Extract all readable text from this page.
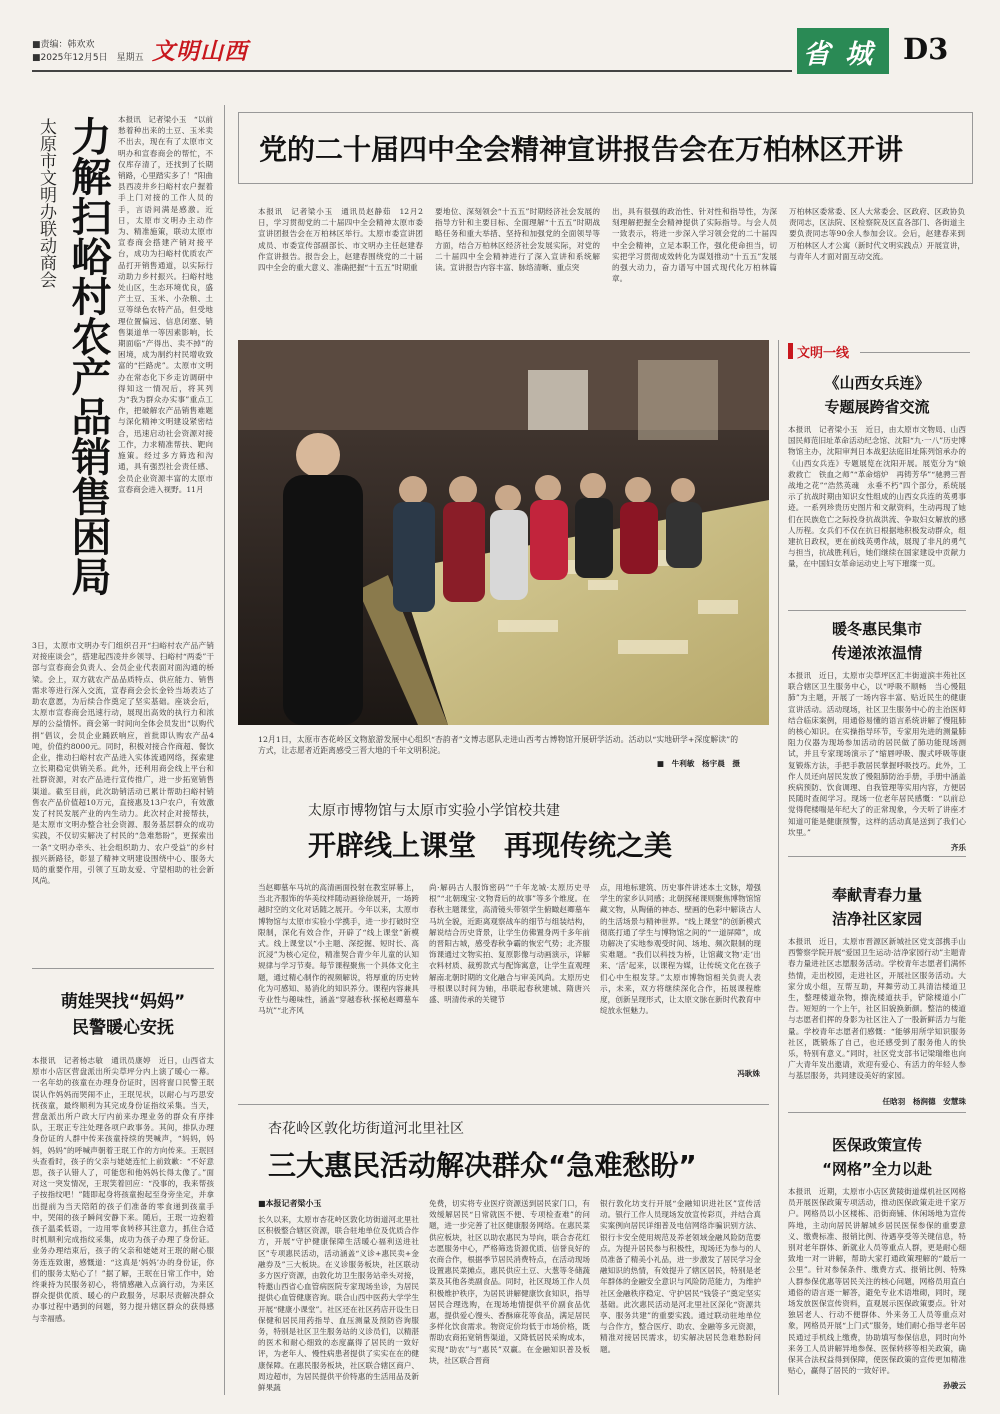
■责编：韩欢欢
■2025年12月5日　星期五 文明山西	省 城 D3
党的二十届四中全会精神宣讲报告会在万柏林区开讲
本报讯　记者梁小玉　通讯员赵静茹　12月2日，学习贯彻党的二十届四中全会精神太原市委宣讲团报告会在万柏林区举行。太原市委宣讲团成员、市委宣传部副部长、市文明办主任赵建春作宣讲报告。报告会上，赵建春围绕党的二十届四中全会的重大意义、准确把握“十五五”时期重
要地位、深刻领会“十五五”时期经济社会发展的指导方针和主要目标、全面理解“十五五”时期战略任务和重大举措、坚持和加强党的全面领导等方面，结合万柏林区经济社会发展实际，对党的二十届四中全会精神进行了深入宣讲和系统解读。宣讲报告内容丰富、脉络清晰、重点突
出，具有很强的政治性、针对性和指导性，为深刻理解把握全会精神提供了实际指导。与会人员一致表示，将进一步深入学习领会党的二十届四中全会精神，立足本职工作，强化使命担当，切实把学习贯彻成效转化为谋划推动“十五五”发展的强大动力，奋力谱写中国式现代化万柏林篇章。
万柏林区委常委、区人大常委会、区政府、区政协负责同志，区法院、区检察院及区直各部门、各街道主要负责同志等90余人参加会议。会后，赵建春来到万柏林区人才公寓（新时代文明实践点）开展宣讲，与青年人才面对面互动交流。
太原市文明办联动商会 力解扫峪村农产品销售困局 本报讯　记者梁小玉　“以前愁着种出来的土豆、玉米卖不出去，现在有了太原市文明办和宣春商会的帮忙，不仅库存清了，还找到了长期销路，心里踏实多了！”阳曲县西凌井乡扫峪村农户握着手上门对接的工作人员的手，言语间满是感激。近日，太原市文明办主动作为、精准施策，联动太原市宣春商会搭建产销对接平台，成功为扫峪村优质农产品打开销售通道，以实际行动助力乡村振兴。扫峪村地处山区，生态环境优良，盛产土豆、玉米、小杂粮、土豆等绿色农特产品，但受地理位置偏远、信息闭塞、销售渠道单一等因素影响，长期面临“产得出、卖不掉”的困境，成为制约村民增收致富的“拦路虎”。太原市文明办在常态化下乡走访调研中得知这一情况后，将其列为“我为群众办实事”重点工作，把破解农产品销售难题与深化精神文明建设紧密结合，迅速启动社会资源对接工作，力求精准帮扶、靶向施策。经过多方筛选和沟通，具有强烈社会责任感、会员企业资源丰富的太原市宣春商会进入视野。11月
3日，太原市文明办专门组织召开“扫峪村农产品产销对接座谈会”，搭建起西凌井乡领导、扫峪村“两委”干部与宣春商会负责人、会员企业代表面对面沟通的桥梁。会上，双方就农产品品质特点、供应能力、销售需求等进行深入交流，宣春商会会长金铃当场表达了助农意愿，为后续合作奠定了坚实基础。座谈会后，太原市宣春商会迅速行动，展现出高效的执行力和浓厚的公益情怀。商会第一时间向全体会员发出“以购代捐”倡议，会员企业踊跃响应，首批即认购农产品4吨，价值约8000元。同时，积极对接合作商超、餐饮企业，推动扫峪村农产品进入实体流通网络，探索建立长期稳定供销关系。此外，还利用商会线上平台和社群资源，对农产品进行宣传推广，进一步拓宽销售渠道。截至目前，此次助销活动已累计帮助扫峪村销售农产品价值超10万元，直接惠及13户农户，有效激发了村民发展产业的内生动力。此次村企对接帮扶，是太原市文明办整合社会资源、服务基层群众的成功实践，不仅切实解决了村民的“急难愁盼”，更探索出一条“文明办牵头、社会组织助力、农户受益”的乡村振兴新路径，彰显了精神文明建设围绕中心、服务大局的重要作用，引领了互助友爱、守望相助的社会新风尚。
萌娃哭找“妈妈”
民警暖心安抚
本报讯　记者杨志敏　通讯员康婷　近日，山西省太原市小店区营盘派出所尖草坪分内上演了暖心一幕。一名年幼的孩童在办理身份证时，因将窗口民警王珉误认作妈妈而哭闹不止，王珉见状，以耐心与巧思安抚孩童，最终顺利为其完成身份证指纹采集。当天，营盘派出所户政大厅内前来办理业务的群众有序排队，王珉正专注处理各项户政事务。其间，排队办理身份证的人群中传来孩童持续的哭喊声，“妈妈，妈妈，妈妈”的呼喊声朝着王珉工作的方向传来。王珉回头查看时，孩子的父亲与姥姥连忙上前致歉：“不好意思，孩子认错人了，可能您和他妈妈长得太像了。”面对这一突发情况，王珉笑着回应：“没事的，我来帮孩子按指纹吧！”随即起身将孩童抱起至身旁坐定，并拿出提前为当天陪陌的孩子们准备的零食递到孩童手中，哭闹的孩子瞬间安静下来。随后，王珉一边抱着孩子温柔低语，一边用零食转移其注意力，抓住合适时机顺利完成指纹采集，成功为孩子办理了身份证。业务办理结束后，孩子的父亲和姥姥对王珉的耐心服务连连致谢，感慨道：“这真是‘妈妈’办的身份证，你们的服务太贴心了！”据了解，王珉在日常工作中，始终秉持为民服务初心，将情感融入点滴行动，为来区群众提供优质、暖心的户政服务，尽职尽责解决群众办事过程中遇到的问题，努力提升辖区群众的获得感与幸福感。
12月1日，太原市杏花岭区文物旅游发展中心组织“杏韵者”文博志愿队走进山西考古博物馆开展研学活动。活动以“实地研学+深度解读”的方式，让志愿者近距离感受三晋大地的千年文明积淀。
■　牛利敏　杨宇晨　摄
太原市博物馆与太原市实验小学馆校共建
开辟线上课堂　再现传统之美
当赵卿墓车马坑的高清画面投射在教室屏幕上，当北齐服饰的华美纹样随动画徐徐展开，一场跨越时空的文化对话随之展开。今年以来，太原市博物馆与太原市实验小学携手，进一步打破时空限制，深化有效合作，开辟了“线上课堂”新模式。线上课堂以“小主题、深挖掘、短时长、高沉浸”为核心定位，精准契合青少年儿童的认知规律与学习节奏。每节课程聚焦一个具体文化主题，通过精心制作的视频解说，将厚重的历史转化为可感知、易消化的知识养分。课程内容兼具专业性与趣味性，涵盖“穿越春秋·探秘赵卿墓车马坑”“北齐风
尚·解码古人服饰密码”“千年龙城·太原历史寻根”“北朝瑰宝·文物背后的故事”等多个维度。在春秋主题课堂，高清镜头带领学生俯瞰赵卿墓车马坑全貌，近距离观察战车的细节与组装结构，解说结合历史背景，让学生仿佛置身两千多年前的晋阳古城，感受春秋争霸的恢宏气势；北齐服饰课通过文物实拍、复原影像与动画演示，详解衣料材质、裁剪款式与配饰寓意，让学生直观理解南北朝时期的文化融合与审美风尚。太原历史寻根课以时间为轴，串联起春秋建城、隋唐兴盛、明清传承的关键节
点，用地标建筑、历史事件讲述本土文脉，增强学生的家乡认同感；北朝探秘课则聚焦博物馆馆藏文物，从陶俑的神态、壁画的色彩中解读古人的生活场景与精神世界。“线上课堂”的创新模式彻底打通了学生与博物馆之间的“一道屏障”，成功解决了实地参观受时间、场地、频次限制的现实难题。“我们以科技为桥，让馆藏文物‘走’出来、‘活’起来，以课程为媒，让传统文化在孩子们心中生根发芽。”太原市博物馆相关负责人表示，未来，双方将继续深化合作，拓展课程维度，创新呈现形式，让太原文脉在新时代教育中绽放永恒魅力。
冯耿姝
杏花岭区敦化坊街道河北里社区
三大惠民活动解决群众“急难愁盼”
■本报记者梁小玉
长久以来，太原市杏花岭区敦化坊街道河北里社区积极整合辖区资源，联合驻地单位及优质合作方，开展“守护健康保障生活暖心福利送进社区”专项惠民活动，活动涵盖“义诊+惠民卖+金融券及”三大板块。在义诊服务板块，社区联动多方医疗资源，由敦化坊卫生服务站牵头对接，特邀山西省心血管病医院专家现场坐诊，为居民提供心血管健康咨询。联合山西中医药大学学生开展“健康小课堂”。社区还在社区药店开设生日保健和居民用药指导、血压测量及预防咨询服务，特别是社区卫生服务站的义诊员们，以精湛的医术和耐心细致的态度赢得了居民的一致好评，为老年人、慢性病患者提供了实实在在的健康保障。在惠民服务板块，社区联合辖区商户、周边超市，为居民提供平价特惠的生活用品及新鲜果蔬
免费，切实将专业医疗资源送到居民家门口，有效缓解居民“日常就医不便、专项检查难”的问题，进一步完善了社区健康服务网络。在惠民菜供应板块，社区以助农惠民为导向，联合杏花红志愿服务中心，严格筛选货源优质、信誉良好的农商合作，根据季节居民消费特点，在活动现场设置惠民菜摊点，惠民供应土豆、大葱等冬储蔬菜及其他各类副食品。同时，社区现场工作人员积极维护秩序，为居民讲解健康饮食知识，指导居民合理选购，在现场地情提供平价副食品优惠，提供爱心馒头、香酥麻花等食品，满足居民多样化饮食需求。物资定价均低于市场价格，既帮助农商拓宽销售渠道，又降低居民采购成本，实现“助农”与“惠民”双赢。在金融知识普及板块，社区联合晋商
银行敦化坊支行开展“金融知识进社区”宣传活动。银行工作人员现场发放宣传彩页，并结合真实案例向居民详细普及电信网络诈骗识别方法、银行卡安全使用规范及养老领域金融风险防范要点。为提升居民参与积极性，现场还为参与的人员准备了精美小礼品，进一步激发了居民学习金融知识的热情，有效提升了辖区居民，特别是老年群体的金融安全意识与风险防范能力，为维护社区金融秩序稳定、守护居民“钱袋子”奠定坚实基础。此次惠民活动是河北里社区深化“资源共享、服务共建”的重要实践。通过联动驻地单位与合作方，整合医疗、助农、金融等多元资源，精准对接居民需求，切实解决居民急难愁盼问题。
文明一线
《山西女兵连》
专题展跨省交流
本报讯　记者梁小玉　近日，由太原市文物局、山西国民师范旧址革命活动纪念馆、沈阳“九·一八”历史博物馆主办，沈阳审判日本战犯法庭旧址陈列馆承办的《山西女兵连》专题展览在沈阳开展。展览分为“娘救救亡　铁血之师”“革命熔炉　再铸芳华”“驰骋三晋　战地之花”“浩然英魂　永垂不朽”四个部分，系统展示了抗战时期由知识女性组成的山西女兵连的英勇事迹。一系列珍贵历史图片和文献资料，生动再现了她们在民族危亡之际投身抗战洪流、争取妇女解放的感人历程。女兵们不仅在抗日根据地积极发动群众，组建抗日政权，更在前线英勇作战，展现了非凡的勇气与担当，抗战胜利后，她们继续在国家建设中贡献力量，在中国妇女革命运动史上写下璀璨一页。
暖冬惠民集市
传递浓浓温情
本报讯　近日，太原市尖草坪区汇丰街道滨丰苑社区联合辖区卫生服务中心，以“呼吸不顺畅　当心慢阻肺”为主题，开展了一场内容丰富、贴近民生的健康宣讲活动。活动现场，社区卫生服务中心的主治医师结合临床案例，用通俗易懂的语言系统讲解了慢阻肺的核心知识。在实操指导环节，专家用先进的测量肺阻力仪器为现场参加活动的居民做了肺功能现场测试，并且专家现场演示了“缩唇呼吸、腹式呼吸等康复锻炼方法，手把手教居民掌握呼吸技巧。此外，工作人员还向居民发放了慢阻肺防治手册，手册中涵盖疾病预防、饮食调理、自我管理等实用内容，方便居民随时查阅学习。现场一位老年居民感慨：“以前总觉得爬楼喘是年纪大了的正常现象，今天听了讲座才知道可能是健康预警，这样的活动真是送到了我们心坎里。”
齐乐
奉献青春力量
洁净社区家园
本报讯　近日，太原市晋源区新城社区党支部携手山西警察学院开展“爱国卫生运动·洁净家园行动”主题青春力量进社区志愿服务活动。学校青年志愿者们满怀热情，走出校园，走进社区，开展社区服务活动。大家分成小组，互帮互助，拜舞劳动工具清洁楼道卫生，整理楼道杂物，擦洗楼道扶手，铲除楼道小广告。短短的一个上午，社区旧貌换新颜。整洁的楼道与志愿者们挥的身影为社区注入了一股新鲜活力与能量。学校青年志愿者们感慨：“能够用所学知识服务社区，既锻炼了自己，也还感受到了服务他人的快乐，特别有意义。”同时，社区党支部书记梁瑞维也向广大青年发出邀请，欢迎有爱心、有活力的年轻人参与基层服务，共同建设美好的家园。
任晗羽　杨润德　安慧珠
医保政策宣传
“网格”全力以赴
本报讯　近期，太原市小店区黄陵街道煤机社区网格员开展医保政策专项活动，推动医保政策走进千家万户。网格员以小区楼栋、沿街商铺、休闲场地为宣传阵地，主动向居民讲解城乡居民医保参保的重要意义、缴费标准、报销比例、待遇享受等关键信息，特别对老年群体、新就业人员等重点人群，更是耐心细致地一对一讲解，帮助大家打通政策理解的“最后一公里”。针对参保条件、缴费方式、报销比例、特殊人群参保优惠等居民关注的核心问题，网格员用直白通俗的语言逐一解答，避免专业术语堆砌，同时，现场发放医保宣传资料，直观展示医保政策要点。针对独居老人、行动不便群体、外来务工人员等重点对象，网格员开展“上门式”服务，她们耐心指导老年居民通过手机线上缴费，协助填写参保信息，同时向外来务工人员讲解异地参保、医保转移等相关政策，确保其合法权益得到保障，使医保政策的宣传更加精准贴心，赢得了居民的一致好评。
孙骏云
